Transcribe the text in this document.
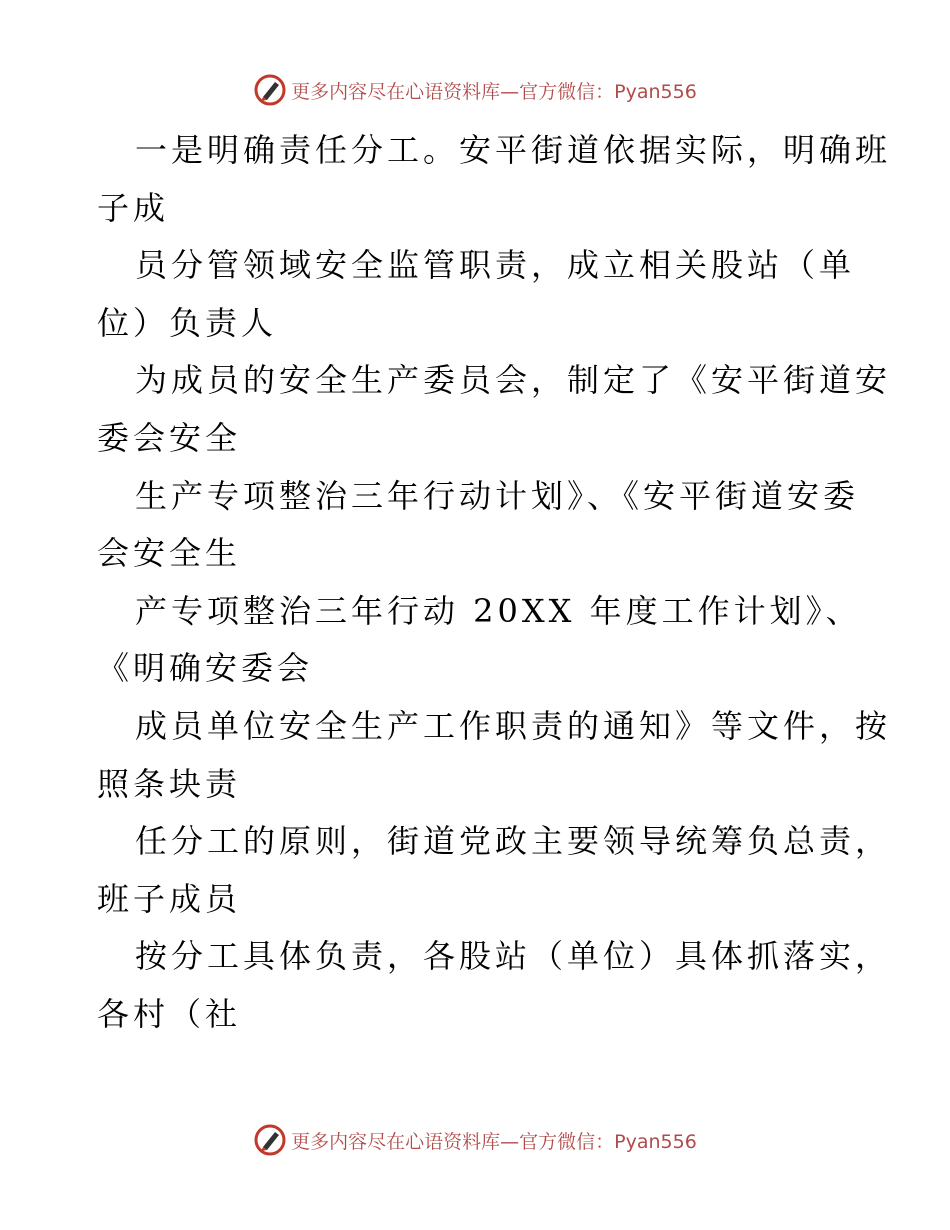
更多内容尽在心语资料库—官方微信：Pyan556
一是明确责任分工。安平街道依据实际，明确班
子成
员分管领域安全监管职责，成立相关股站（单
位）负责人
为成员的安全生产委员会，制定了《安平街道安
委会安全
生产专项整治三年行动计划》、《安平街道安委
会安全生
产专项整治三年行动 20XX 年度工作计划》、
《明确安委会
成员单位安全生产工作职责的通知》等文件，按
照条块责
任分工的原则，街道党政主要领导统筹负总责，
班子成员
按分工具体负责，各股站（单位）具体抓落实，
各村（社
更多内容尽在心语资料库—官方微信：Pyan556
